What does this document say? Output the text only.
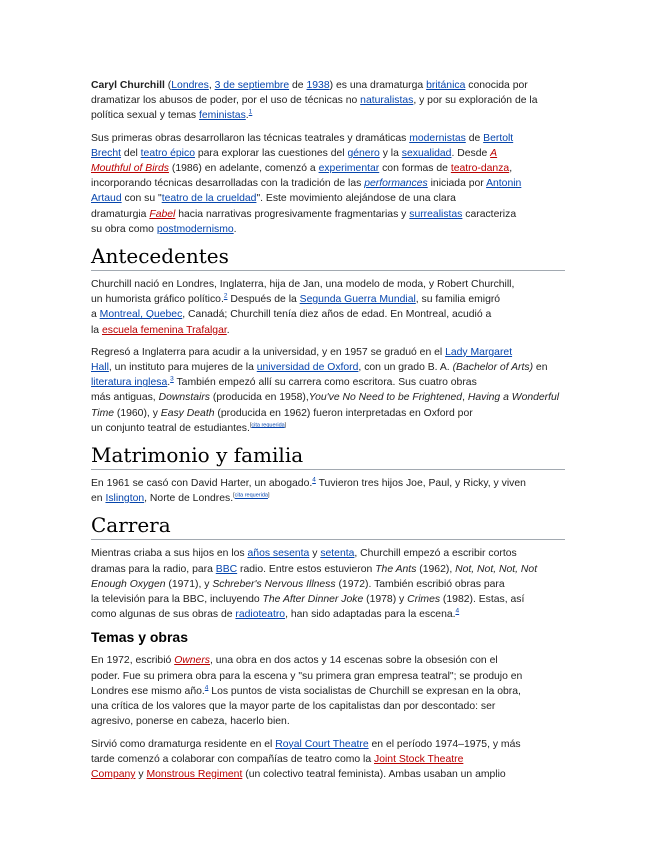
Caryl Churchill (Londres, 3 de septiembre de 1938) es una dramaturga británica conocida por dramatizar los abusos de poder, por el uso de técnicas no naturalistas, y por su exploración de la política sexual y temas feministas.$^1$

Sus primeras obras desarrollaron las técnicas teatrales y dramáticas modernistas de Bertolt
Brecht del teatro épico para explorar las cuestiones del género y la sexualidad. Desde A
Mouthful of Birds (1986) en adelante, comenzó a experimentar con formas de teatro-danza,
incorporando técnicas desarrolladas con la tradición de las performances iniciada por Antonin
Artaud con su "teatro de la crueldad". Este movimiento alejándose de una clara
dramaturgia Fabel hacia narrativas progresivamente fragmentarias y surrealistas caracteriza
su obra como postmodernismo.

Antecedentes

Churchill nació en Londres, Inglaterra, hija de Jan, una modelo de moda, y Robert Churchill,
un humorista gráfico político.$^2$ Después de la Segunda Guerra Mundial, su familia emigró
a Montreal, Quebec, Canadá; Churchill tenía diez años de edad. En Montreal, acudió a
la escuela femenina Trafalgar.

Regresó a Inglaterra para acudir a la universidad, y en 1957 se graduó en el Lady Margaret
Hall, un instituto para mujeres de la universidad de Oxford, con un grado B. A. (Bachelor of Arts) en literatura inglesa.$^3$ También empezó allí su carrera como escritora. Sus cuatro obras
más antiguas, Downstairs (producida en 1958),You've No Need to be Frightened, Having a Wonderful Time (1960), y Easy Death (producida en 1962) fueron interpretadas en Oxford por
un conjunto teatral de estudiantes.[cita requerida]

Matrimonio y familia

En 1961 se casó con David Harter, un abogado.$^4$ Tuvieron tres hijos Joe, Paul, y Ricky, y viven
en Islington, Norte de Londres.[cita requerida]

Carrera

Mientras criaba a sus hijos en los años sesenta y setenta, Churchill empezó a escribir cortos
dramas para la radio, para BBC radio. Entre estos estuvieron The Ants (1962), Not, Not, Not, Not Enough Oxygen (1971), y Schreber's Nervous Illness (1972). También escribió obras para
la televisión para la BBC, incluyendo The After Dinner Joke (1978) y Crimes (1982). Estas, así
como algunas de sus obras de radioteatro, han sido adaptadas para la escena.$^4$

Temas y obras

En 1972, escribió Owners, una obra en dos actos y 14 escenas sobre la obsesión con el
poder. Fue su primera obra para la escena y "su primera gran empresa teatral"; se produjo en
Londres ese mismo año.$^4$ Los puntos de vista socialistas de Churchill se expresan en la obra,
una crítica de los valores que la mayor parte de los capitalistas dan por descontado: ser
agresivo, ponerse en cabeza, hacerlo bien.

Sirvió como dramaturga residente en el Royal Court Theatre en el período 1974–1975, y más
tarde comenzó a colaborar con compañías de teatro como la Joint Stock Theatre
Company y Monstrous Regiment (un colectivo teatral feminista). Ambas usaban un amplio
